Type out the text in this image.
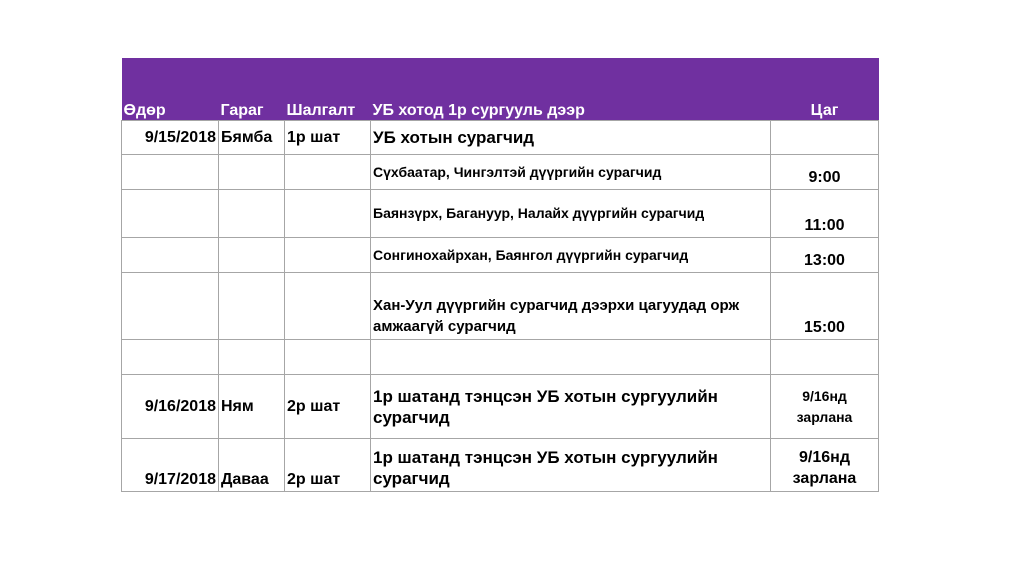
Өдөр	Гараг	Шалгалт	УБ хотод 1р сургууль дээр	Цаг
9/15/2018	Бямба	1р шат	УБ хотын сурагчид	
			Сүхбаатар, Чингэлтэй дүүргийн сурагчид	9:00
			Баянзүрх, Багануур, Налайх дүүргийн сурагчид	11:00
			Сонгинохайрхан, Баянгол дүүргийн сурагчид	13:00
			Хан-Уул дүүргийн сурагчид дээрхи цагуудад орж амжаагүй сурагчид	15:00

9/16/2018	Ням	2р шат	1р шатанд тэнцсэн УБ хотын сургуулийн сурагчид	9/16нд зарлана
9/17/2018	Даваа	2р шат	1р шатанд тэнцсэн УБ хотын сургуулийн сурагчид	9/16нд зарлана
